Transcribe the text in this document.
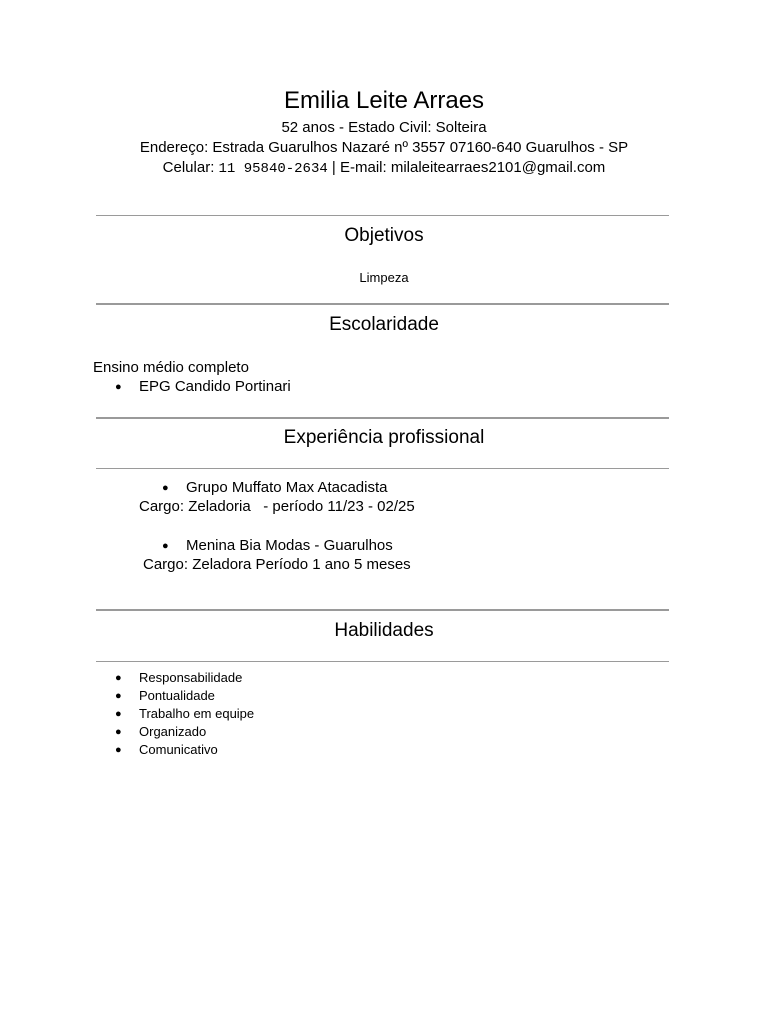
Emilia Leite Arraes
52 anos - Estado Civil: Solteira
Endereço: Estrada Guarulhos Nazaré nº 3557 07160-640 Guarulhos - SP
Celular: 11 95840-2634 | E-mail: milaleitearraes2101@gmail.com
Objetivos
Limpeza
Escolaridade
Ensino médio completo
● EPG Candido Portinari
Experiência profissional
● Grupo Muffato Max Atacadista
Cargo: Zeladoria   - período 11/23 - 02/25
● Menina Bia Modas - Guarulhos
Cargo: Zeladora Período 1 ano 5 meses
Habilidades
● Responsabilidade
● Pontualidade
● Trabalho em equipe
● Organizado
● Comunicativo
